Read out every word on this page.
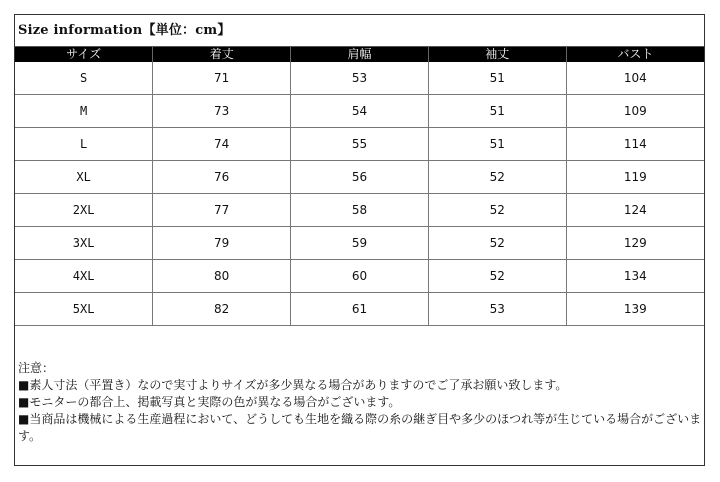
Size information【単位：cm】
サイズ	着丈	肩幅	袖丈	バスト
S	71	53	51	104
M	73	54	51	109
L	74	55	51	114
XL	76	56	52	119
2XL	77	58	52	124
3XL	79	59	52	129
4XL	80	60	52	134
5XL	82	61	53	139
注意：
■素人寸法（平置き）なので実寸よりサイズが多少異なる場合がありますのでご了承お願い致します。
■モニターの都合上、掲載写真と実際の色が異なる場合がございます。
■当商品は機械による生産過程において、どうしても生地を織る際の糸の継ぎ目や多少のほつれ等が生じている場合がございます。
